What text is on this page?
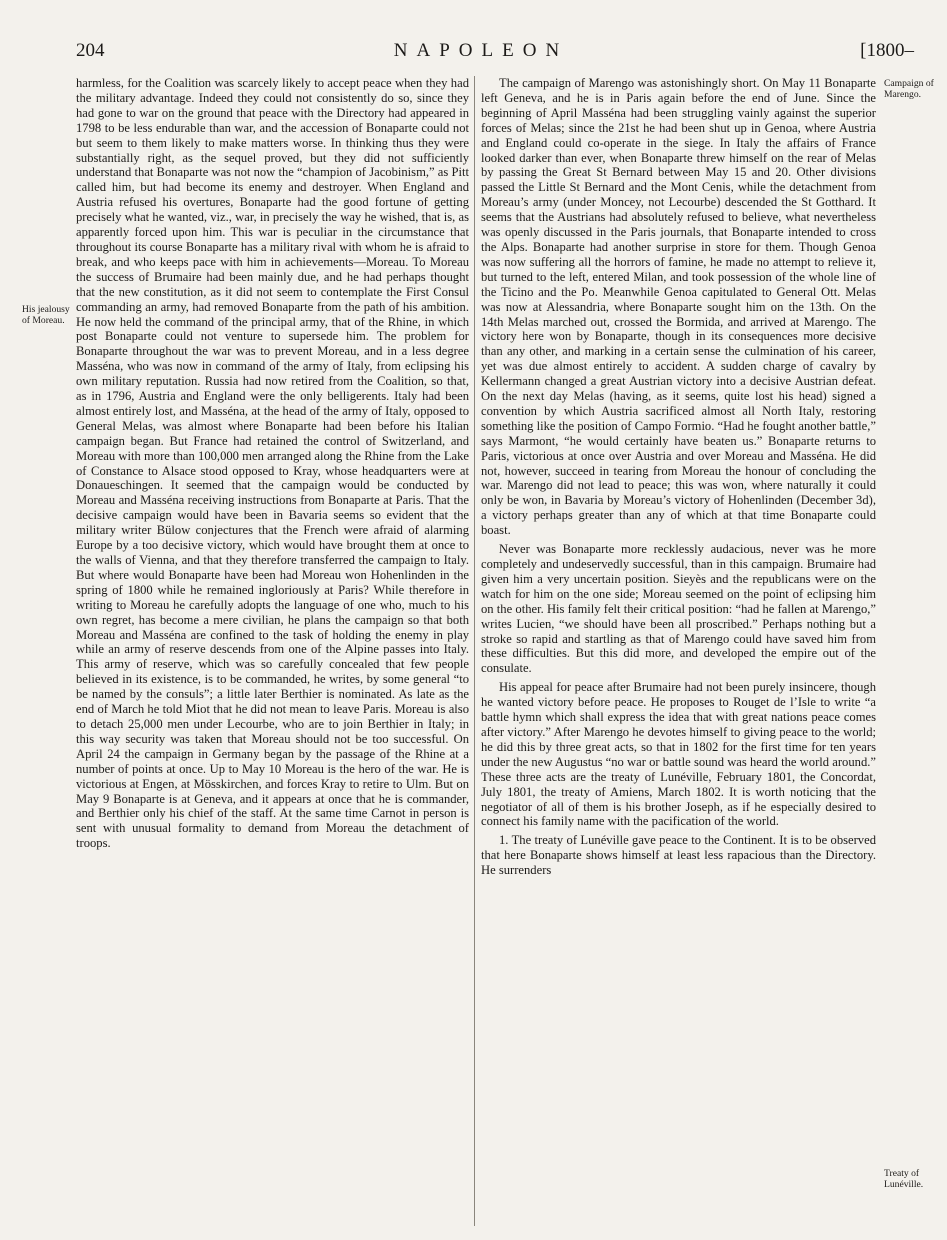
204	NAPOLEON	[1800–
His jealousy of Moreau.
Campaign of Marengo.
Treaty of Lunéville.

harmless, for the Coalition was scarcely likely to accept peace when they had the military advantage. Indeed they could not consistently do so, since they had gone to war on the ground that peace with the Directory had appeared in 1798 to be less endurable than war, and the accession of Bonaparte could not but seem to them likely to make matters worse. In thinking thus they were substantially right, as the sequel proved, but they did not sufficiently understand that Bonaparte was not now the “champion of Jacobinism,” as Pitt called him, but had become its enemy and destroyer. When England and Austria refused his overtures, Bonaparte had the good fortune of getting precisely what he wanted, viz., war, in precisely the way he wished, that is, as apparently forced upon him. This war is peculiar in the circumstance that throughout its course Bonaparte has a military rival with whom he is afraid to break, and who keeps pace with him in achievements—Moreau. To Moreau the success of Brumaire had been mainly due, and he had perhaps thought that the new constitution, as it did not seem to contemplate the First Consul commanding an army, had removed Bonaparte from the path of his ambition. He now held the command of the principal army, that of the Rhine, in which post Bonaparte could not venture to supersede him. The problem for Bonaparte throughout the war was to prevent Moreau, and in a less degree Masséna, who was now in command of the army of Italy, from eclipsing his own military reputation. Russia had now retired from the Coalition, so that, as in 1796, Austria and England were the only belligerents. Italy had been almost entirely lost, and Masséna, at the head of the army of Italy, opposed to General Melas, was almost where Bonaparte had been before his Italian campaign began. But France had retained the control of Switzerland, and Moreau with more than 100,000 men arranged along the Rhine from the Lake of Constance to Alsace stood opposed to Kray, whose headquarters were at Donaueschingen. It seemed that the campaign would be conducted by Moreau and Masséna receiving instructions from Bonaparte at Paris. That the decisive campaign would have been in Bavaria seems so evident that the military writer Bülow conjectures that the French were afraid of alarming Europe by a too decisive victory, which would have brought them at once to the walls of Vienna, and that they therefore transferred the campaign to Italy. But where would Bonaparte have been had Moreau won Hohenlinden in the spring of 1800 while he remained ingloriously at Paris? While therefore in writing to Moreau he carefully adopts the language of one who, much to his own regret, has become a mere civilian, he plans the campaign so that both Moreau and Masséna are confined to the task of holding the enemy in play while an army of reserve descends from one of the Alpine passes into Italy. This army of reserve, which was so carefully concealed that few people believed in its existence, is to be commanded, he writes, by some general “to be named by the consuls”; a little later Berthier is nominated. As late as the end of March he told Miot that he did not mean to leave Paris. Moreau is also to detach 25,000 men under Lecourbe, who are to join Berthier in Italy; in this way security was taken that Moreau should not be too successful. On April 24 the campaign in Germany began by the passage of the Rhine at a number of points at once. Up to May 10 Moreau is the hero of the war. He is victorious at Engen, at Mösskirchen, and forces Kray to retire to Ulm. But on May 9 Bonaparte is at Geneva, and it appears at once that he is commander, and Berthier only his chief of the staff. At the same time Carnot in person is sent with unusual formality to demand from Moreau the detachment of troops.

The campaign of Marengo was astonishingly short. On May 11 Bonaparte left Geneva, and he is in Paris again before the end of June. Since the beginning of April Masséna had been struggling vainly against the superior forces of Melas; since the 21st he had been shut up in Genoa, where Austria and England could co-operate in the siege. In Italy the affairs of France looked darker than ever, when Bonaparte threw himself on the rear of Melas by passing the Great St Bernard between May 15 and 20. Other divisions passed the Little St Bernard and the Mont Cenis, while the detachment from Moreau’s army (under Moncey, not Lecourbe) descended the St Gotthard. It seems that the Austrians had absolutely refused to believe, what nevertheless was openly discussed in the Paris journals, that Bonaparte intended to cross the Alps. Bonaparte had another surprise in store for them. Though Genoa was now suffering all the horrors of famine, he made no attempt to relieve it, but turned to the left, entered Milan, and took possession of the whole line of the Ticino and the Po. Meanwhile Genoa capitulated to General Ott. Melas was now at Alessandria, where Bonaparte sought him on the 13th. On the 14th Melas marched out, crossed the Bormida, and arrived at Marengo. The victory here won by Bonaparte, though in its consequences more decisive than any other, and marking in a certain sense the culmination of his career, yet was due almost entirely to accident. A sudden charge of cavalry by Kellermann changed a great Austrian victory into a decisive Austrian defeat. On the next day Melas (having, as it seems, quite lost his head) signed a convention by which Austria sacrificed almost all North Italy, restoring something like the position of Campo Formio. “Had he fought another battle,” says Marmont, “he would certainly have beaten us.” Bonaparte returns to Paris, victorious at once over Austria and over Moreau and Masséna. He did not, however, succeed in tearing from Moreau the honour of concluding the war. Marengo did not lead to peace; this was won, where naturally it could only be won, in Bavaria by Moreau’s victory of Hohenlinden (December 3d), a victory perhaps greater than any of which at that time Bonaparte could boast.

Never was Bonaparte more recklessly audacious, never was he more completely and undeservedly successful, than in this campaign. Brumaire had given him a very uncertain position. Sieyès and the republicans were on the watch for him on the one side; Moreau seemed on the point of eclipsing him on the other. His family felt their critical position: “had he fallen at Marengo,” writes Lucien, “we should have been all proscribed.” Perhaps nothing but a stroke so rapid and startling as that of Marengo could have saved him from these difficulties. But this did more, and developed the empire out of the consulate.

His appeal for peace after Brumaire had not been purely insincere, though he wanted victory before peace. He proposes to Rouget de l’Isle to write “a battle hymn which shall express the idea that with great nations peace comes after victory.” After Marengo he devotes himself to giving peace to the world; he did this by three great acts, so that in 1802 for the first time for ten years under the new Augustus “no war or battle sound was heard the world around.” These three acts are the treaty of Lunéville, February 1801, the Concordat, July 1801, the treaty of Amiens, March 1802. It is worth noticing that the negotiator of all of them is his brother Joseph, as if he especially desired to connect his family name with the pacification of the world.

1. The treaty of Lunéville gave peace to the Continent. It is to be observed that here Bonaparte shows himself at least less rapacious than the Directory. He surrenders
